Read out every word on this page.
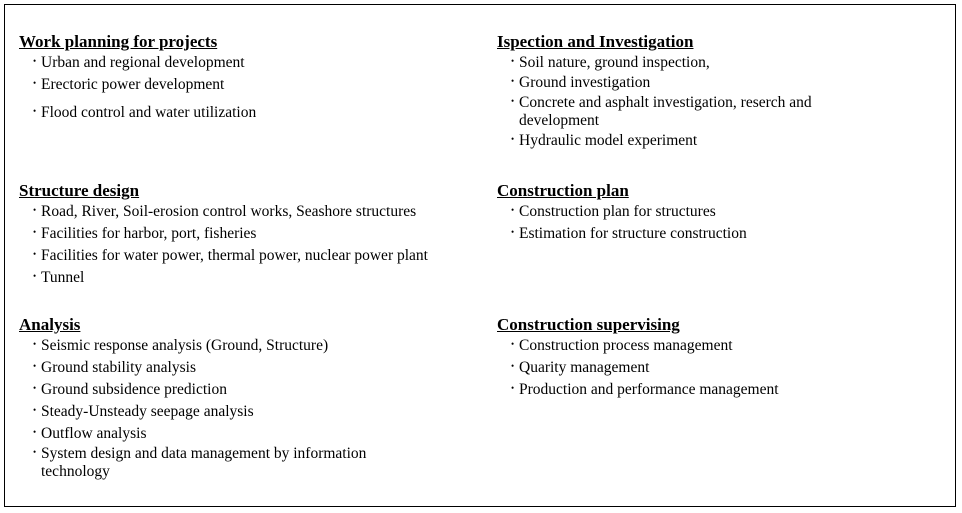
Work planning for projects
• Urban and regional development
• Erectoric power development
• Flood control and water utilization
Ispection and Investigation
• Soil nature, ground inspection,
• Ground investigation
• Concrete and asphalt investigation, reserch and development
• Hydraulic model experiment
Structure design
• Road, River, Soil-erosion control works, Seashore structures
• Facilities for harbor, port, fisheries
• Facilities for water power, thermal power, nuclear power plant
• Tunnel
Construction plan
• Construction plan for structures
• Estimation for structure construction
Analysis
• Seismic response analysis (Ground, Structure)
• Ground stability analysis
• Ground subsidence prediction
• Steady-Unsteady seepage analysis
• Outflow analysis
• System design and data management by information technology
Construction supervising
• Construction process management
• Quarity management
• Production and performance management
